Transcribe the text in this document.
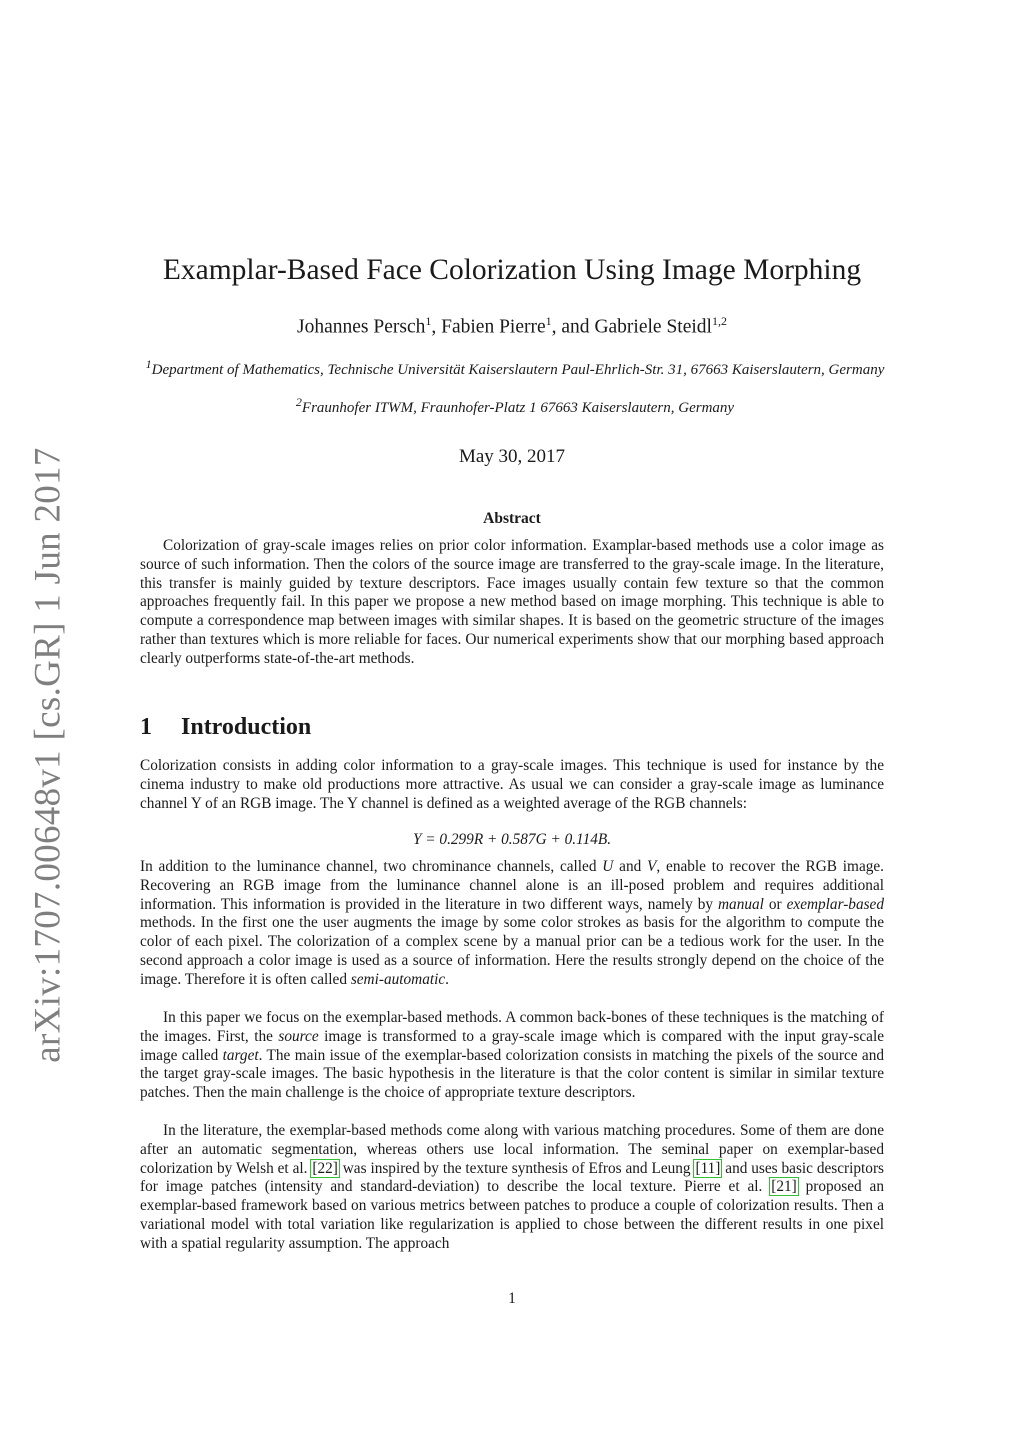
arXiv:1707.00648v1 [cs.GR] 1 Jun 2017
Examplar-Based Face Colorization Using Image Morphing
Johannes Persch$^1$, Fabien Pierre$^1$, and Gabriele Steidl$^{1,2}$
$^1$Department of Mathematics, Technische Universität Kaiserslautern Paul-Ehrlich-Str. 31, 67663 Kaiserslautern, Germany
$^2$Fraunhofer ITWM, Fraunhofer-Platz 1 67663 Kaiserslautern, Germany
May 30, 2017
Abstract

Colorization of gray-scale images relies on prior color information. Examplar-based methods use a color image as source of such information. Then the colors of the source image are transferred to the gray-scale image. In the literature, this transfer is mainly guided by texture descriptors. Face images usually contain few texture so that the common approaches frequently fail. In this paper we propose a new method based on image morphing. This technique is able to compute a correspondence map between images with similar shapes. It is based on the geometric structure of the images rather than textures which is more reliable for faces. Our numerical experiments show that our morphing based approach clearly outperforms state-of-the-art methods.

1 Introduction

Colorization consists in adding color information to a gray-scale images. This technique is used for instance by the cinema industry to make old productions more attractive. As usual we can consider a gray-scale image as luminance channel Y of an RGB image. The Y channel is defined as a weighted average of the RGB channels:

Y = 0.299R + 0.587G + 0.114B.

In addition to the luminance channel, two chrominance channels, called U and V, enable to recover the RGB image. Recovering an RGB image from the luminance channel alone is an ill-posed problem and requires additional information. This information is provided in the literature in two different ways, namely by manual or exemplar-based methods. In the first one the user augments the image by some color strokes as basis for the algorithm to compute the color of each pixel. The colorization of a complex scene by a manual prior can be a tedious work for the user. In the second approach a color image is used as a source of information. Here the results strongly depend on the choice of the image. Therefore it is often called semi-automatic.

In this paper we focus on the exemplar-based methods. A common back-bones of these techniques is the matching of the images. First, the source image is transformed to a gray-scale image which is compared with the input gray-scale image called target. The main issue of the exemplar-based colorization consists in matching the pixels of the source and the target gray-scale images. The basic hypothesis in the literature is that the color content is similar in similar texture patches. Then the main challenge is the choice of appropriate texture descriptors.

In the literature, the exemplar-based methods come along with various matching procedures. Some of them are done after an automatic segmentation, whereas others use local information. The seminal paper on exemplar-based colorization by Welsh et al. [22] was inspired by the texture synthesis of Efros and Leung [11] and uses basic descriptors for image patches (intensity and standard-deviation) to describe the local texture. Pierre et al. [21] proposed an exemplar-based framework based on various metrics between patches to produce a couple of colorization results. Then a variational model with total variation like regularization is applied to chose between the different results in one pixel with a spatial regularity assumption. The approach

1
